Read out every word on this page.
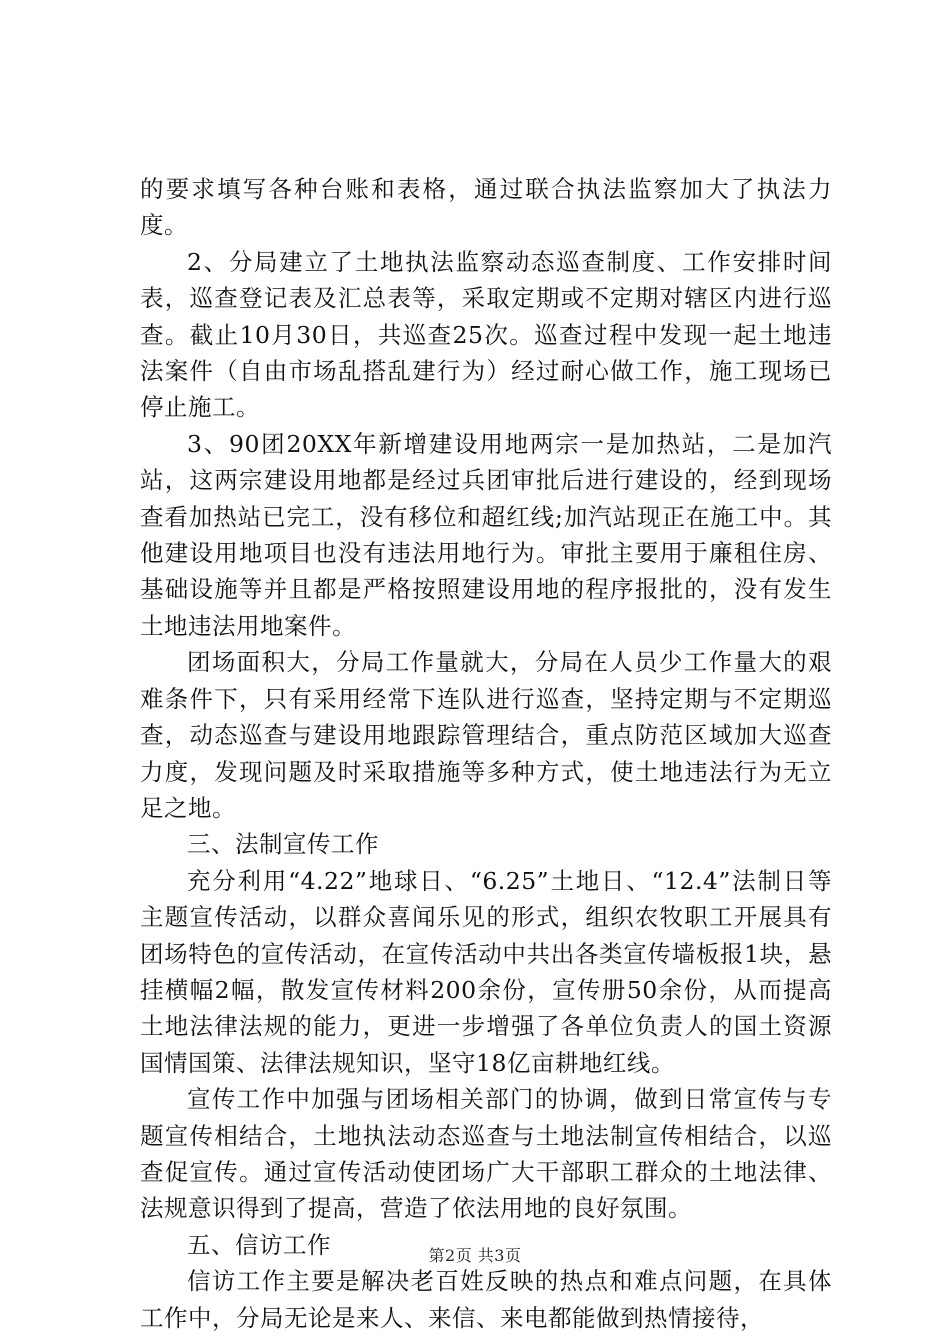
的要求填写各种台账和表格，通过联合执法监察加大了执法力度。

2、分局建立了土地执法监察动态巡查制度、工作安排时间表，巡查登记表及汇总表等，采取定期或不定期对辖区内进行巡查。截止10月30日，共巡查25次。巡查过程中发现一起土地违法案件（自由市场乱搭乱建行为）经过耐心做工作，施工现场已停止施工。

3、90团20XX年新增建设用地两宗一是加热站，二是加汽站，这两宗建设用地都是经过兵团审批后进行建设的，经到现场查看加热站已完工，没有移位和超红线;加汽站现正在施工中。其他建设用地项目也没有违法用地行为。审批主要用于廉租住房、基础设施等并且都是严格按照建设用地的程序报批的，没有发生土地违法用地案件。

团场面积大，分局工作量就大，分局在人员少工作量大的艰难条件下，只有采用经常下连队进行巡查，坚持定期与不定期巡查，动态巡查与建设用地跟踪管理结合，重点防范区域加大巡查力度，发现问题及时采取措施等多种方式，使土地违法行为无立足之地。

三、法制宣传工作

充分利用“4.22”地球日、“6.25”土地日、“12.4”法制日等主题宣传活动，以群众喜闻乐见的形式，组织农牧职工开展具有团场特色的宣传活动，在宣传活动中共出各类宣传墙板报1块，悬挂横幅2幅，散发宣传材料200余份，宣传册50余份，从而提高土地法律法规的能力，更进一步增强了各单位负责人的国土资源国情国策、法律法规知识，坚守18亿亩耕地红线。

宣传工作中加强与团场相关部门的协调，做到日常宣传与专题宣传相结合，土地执法动态巡查与土地法制宣传相结合，以巡查促宣传。通过宣传活动使团场广大干部职工群众的土地法律、法规意识得到了提高，营造了依法用地的良好氛围。

五、信访工作

信访工作主要是解决老百姓反映的热点和难点问题，在具体工作中，分局无论是来人、来信、来电都能做到热情接待，

第2页 共3页
